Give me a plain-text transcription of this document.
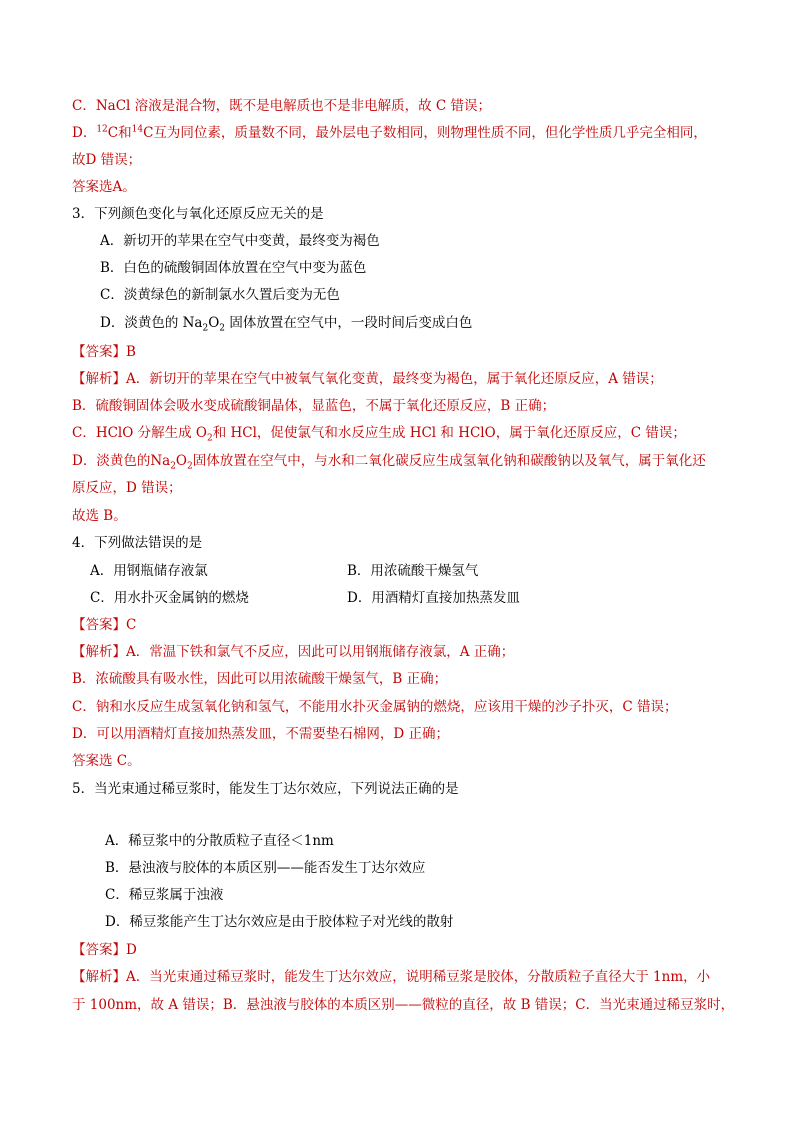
C．NaCl 溶液是混合物，既不是电解质也不是非电解质，故 C 错误；
D．$^{12}$C和$^{14}$C互为同位素，质量数不同，最外层电子数相同，则物理性质不同，但化学性质几乎完全相同，
故D 错误；
答案选A。
3．下列颜色变化与氧化还原反应无关的是
A．新切开的苹果在空气中变黄，最终变为褐色
B．白色的硫酸铜固体放置在空气中变为蓝色
C．淡黄绿色的新制氯水久置后变为无色
D．淡黄色的 $Na_2O_2$ 固体放置在空气中，一段时间后变成白色
【答案】B
【解析】A．新切开的苹果在空气中被氧气氧化变黄，最终变为褐色，属于氧化还原反应，A 错误；
B．硫酸铜固体会吸水变成硫酸铜晶体，显蓝色，不属于氧化还原反应，B 正确；
C．HClO 分解生成 $O_2$和 HCl，促使氯气和水反应生成 HCl 和 HClO，属于氧化还原反应，C 错误；
D．淡黄色的$Na_2O_2$固体放置在空气中，与水和二氧化碳反应生成氢氧化钠和碳酸钠以及氧气，属于氧化还
原反应，D 错误；
故选 B。
4．下列做法错误的是
A．用钢瓶储存液氯	B．用浓硫酸干燥氢气
C．用水扑灭金属钠的燃烧	D．用酒精灯直接加热蒸发皿
【答案】C
【解析】A．常温下铁和氯气不反应，因此可以用钢瓶储存液氯，A 正确；
B．浓硫酸具有吸水性，因此可以用浓硫酸干燥氢气，B 正确；
C．钠和水反应生成氢氧化钠和氢气，不能用水扑灭金属钠的燃烧，应该用干燥的沙子扑灭，C 错误；
D．可以用酒精灯直接加热蒸发皿，不需要垫石棉网，D 正确；
答案选 C。
5．当光束通过稀豆浆时，能发生丁达尔效应，下列说法正确的是
A．稀豆浆中的分散质粒子直径＜1nm
B．悬浊液与胶体的本质区别——能否发生丁达尔效应
C．稀豆浆属于浊液
D．稀豆浆能产生丁达尔效应是由于胶体粒子对光线的散射
【答案】D
【解析】A．当光束通过稀豆浆时，能发生丁达尔效应，说明稀豆浆是胶体，分散质粒子直径大于 1nm，小
于 100nm，故 A 错误；B．悬浊液与胶体的本质区别——微粒的直径，故 B 错误；C．当光束通过稀豆浆时，
